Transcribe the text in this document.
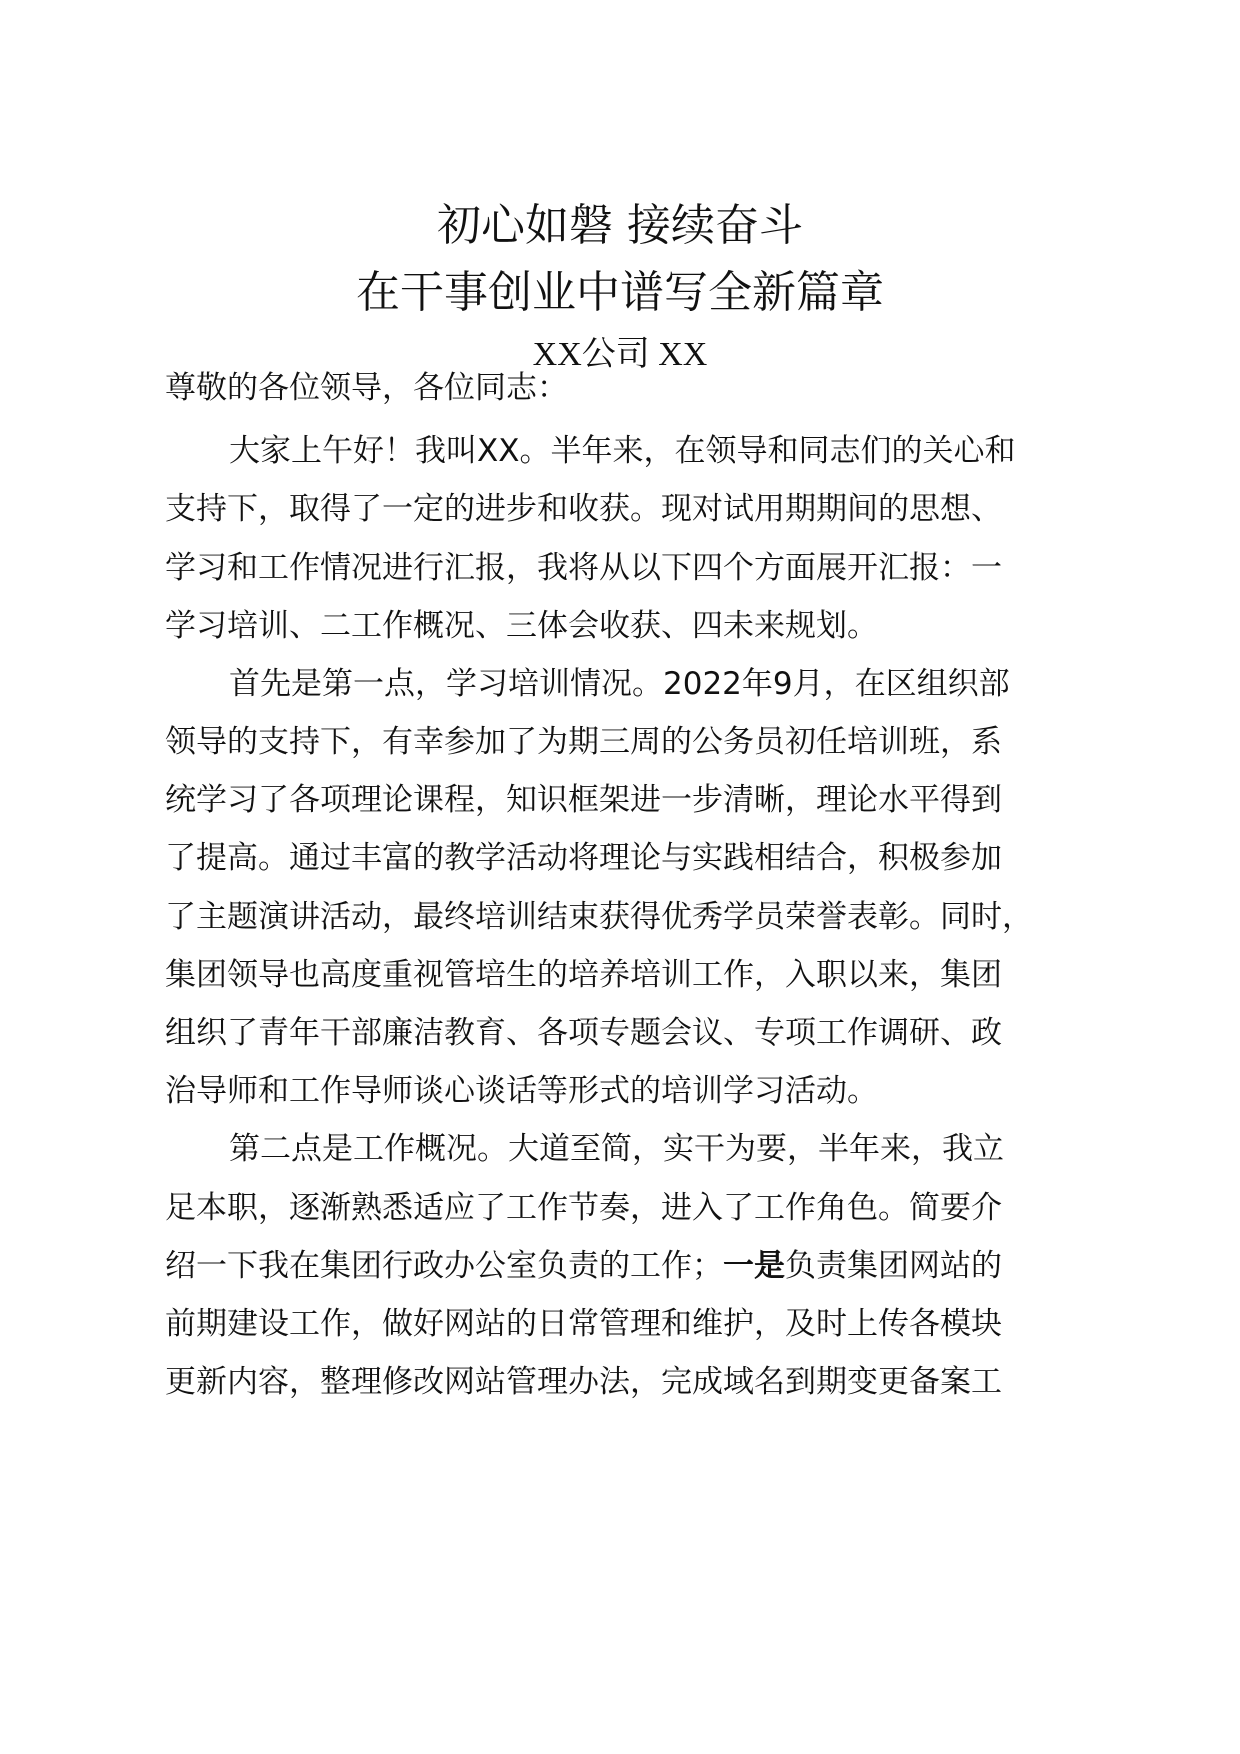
初心如磐 接续奋斗
在干事创业中谱写全新篇章
XX公司 XX
尊敬的各位领导，各位同志：
大家上午好！我叫XX。半年来，在领导和同志们的关心和
支持下，取得了一定的进步和收获。现对试用期期间的思想、
学习和工作情况进行汇报，我将从以下四个方面展开汇报：一
学习培训、二工作概况、三体会收获、四未来规划。
首先是第一点，学习培训情况。2022年9月，在区组织部
领导的支持下，有幸参加了为期三周的公务员初任培训班，系
统学习了各项理论课程，知识框架进一步清晰，理论水平得到
了提高。通过丰富的教学活动将理论与实践相结合，积极参加
了主题演讲活动，最终培训结束获得优秀学员荣誉表彰。同时，
集团领导也高度重视管培生的培养培训工作，入职以来，集团
组织了青年干部廉洁教育、各项专题会议、专项工作调研、政
治导师和工作导师谈心谈话等形式的培训学习活动。
第二点是工作概况。大道至简，实干为要，半年来，我立
足本职，逐渐熟悉适应了工作节奏，进入了工作角色。简要介
绍一下我在集团行政办公室负责的工作；一是负责集团网站的
前期建设工作，做好网站的日常管理和维护，及时上传各模块
更新内容，整理修改网站管理办法，完成域名到期变更备案工
